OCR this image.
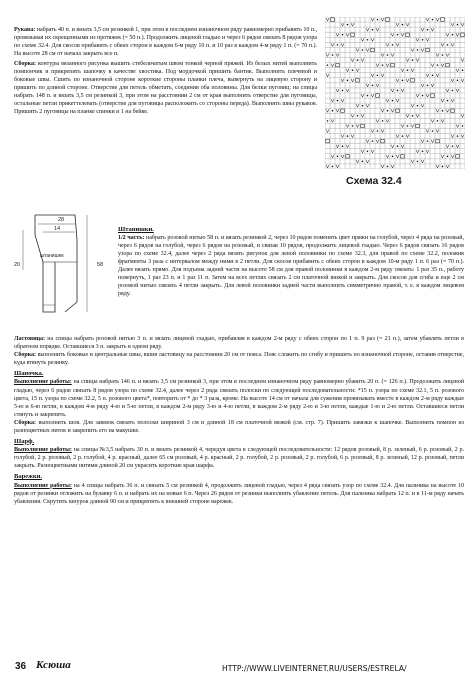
Рукава: набрать 40 п. и вязать 3,5 см резинкой 1, при этом в последнем изнаночном ряду равномерно прибавить 10 п., провязывая их скрещенными из протяжек (= 50 п.). Продолжить лицевой гладью и через 6 рядов связать 8 рядов узора по схеме 32.4. Для скосов прибавить с обеих сторон в каждом 6-м ряду 10 п. и 10 раз в каждом 4-м ряду 1 п. (= 70 п.). На высоте 28 см от начала закрыть все п.

Сборка: контуры вязанного рисунка вышить стебельчатым швом тонкой черной пряжей. Из белых нитей выполнить помпончик и прикрепить шапочку в качестве хвостика. Под мордочкой пришить бантик. Выполнить плечевой и боковые швы. Сшить по изнаночной стороне короткие стороны планки плеча, вывернуть на лицевую сторону и пришить по длиной стороне. Отверстие для петель обметать, соединив оба половины. Для белки пуговиц: на спицы набрать 148 п. и вязать 3,5 см резинкой 3, при этом на расстоянии 2 см от края выполнить отверстие для пуговицы, остальные петли прикеттелевать (отверстие для пуговицы расположить со стороны переда). Выполнить швы рукавов. Пришить 2 пуговицы на планке спинки и 1 на бейке.

Схема 32.4
28
14
штанишек
20	58

Штанишки.

1/2 часть: набрать розовой нитью 58 п. и вязать резинкой 2, через 10 рядов поменять цвет пряжи на голубой, через 4 ряда на розовый, через 6 рядов на голубой, через 6 рядов на розовый, и связав 10 рядов, продолжить лицевой гладью. Через 6 рядов связать 16 рядов узора по схеме 32.4, далее через 2 ряда вязать рисунок для левой половинки по схеме 32.3, для правой по схеме 32.2, положив фрагменты 3 раза с интервалом между ними в 2 петли. Для скосов прибавить с обеих сторон в каждом 10-м ряду 1 п. 6 раз (= 70 п.). Далее вязать прямо. Для подъема задней части на высоте 58 см для правой половинки в каждом 2-м ряду связать: 1 раз 35 п., работу повернуть, 1 раз 23 п. и 1 раз 11 п. Затем на всех петлях связать 2 см платочной вязкой и закрыть. Для скосов для сгиба и еще 2 см розовой нитью связать 4 петли закрыть. Для левой половинки задней части выполнить симметрично правой, т. е. в каждом лицевом ряду.

Ластовица: на спицы набрать розовой нитью 3 п. и вязать лицевой гладью, прибавляя в каждом 2-м ряду с обеих сторон по 1 п. 9 раз (= 21 п.), затем убавлять петли в обратном порядке. Оставшиеся 3 п. закрыть в одном ряду.

Сборка: выполнить боковые и центральные швы, вшив ластовицу на расстоянии 20 см от пояса. Пояс сложить по сгибу и пришить по изнаночной стороне, оставив отверстие, куда втянуть резинку.

Шапочка.

Выполнение работы: на спицы набрать 146 п. и вязать 3,5 см резинкой 3, при этом в последнем изнаночном ряду равномерно убавить 20 п. (= 126 п.). Продолжить лицевой гладью, через 6 рядов связать 8 рядов узора по схеме 32.4, далее через 2 ряда связать полоски по следующей последовательности: *15 п. узора по схеме 32.1, 5 п. розового цвета, 15 п. узора по схеме 32.2, 5 п. розового цвета*, повторить от * до * 3 раза, кроме. На высоте 14 см от начала для сужения провязывать вместе в каждом 2-м ряду каждые 5-ю и 6-ю петли, в каждом 4-м ряду 4-ю и 5-ю петли, в каждом 2-м ряду 3-ю и 4-ю петли, в каждом 2-м ряду 2-ю и 3-ю петли, каждые 1-ю и 2-ю петли. Оставшиеся петли стянуть и закрепить.

Сборка: выполнить шов. Для завязок связать полоски шириной 3 см и длиной 18 см платочной вязкой (см. стр. 7). Пришить завязки к шапочке. Выполнить помпон из разноцветных ниток и закрепить его на макушке.

Шарф.

Выполнение работы: на спицы №3,5 набрать 30 п. и вязать резинкой 4, чередуя цвета в следующей последовательности: 12 рядов розовый, 8 р. зеленый, 6 р. розовый, 2 р. голубой, 2 р. розовый, 2 р. голубой, 4 р. красный, далее 65 см розовый, 4 р. красный, 2 р. голубой, 2 р. розовый, 2 р. голубой, 6 р. розовый, 8 р. зеленый, 12 р. розовый, петли закрыть. Разноцветными нитями длиной 20 см украсить короткие края шарфа.

Варежки.

Выполнение работы: на 4 спицы набрать 36 п. и связать 5 см резинкой 4, продолжить лицевой гладью, через 4 ряда связать узор по схеме 32.4. Для пальчика на высоте 10 рядов от резинки отложить на булавку 6 п. и набрать их на новые 6 п. Через 26 рядов от резинки выполнять убавление петель. Для пальчика набрать 12 п. и в 11-м ряду начать убавления. Скрутить шнурок длиной 90 см и прикрепить к внешней стороне варежек.

36 Ксюша	HTTP://WWW.LIVEINTERNET.RU/USERS/ESTRELA/
